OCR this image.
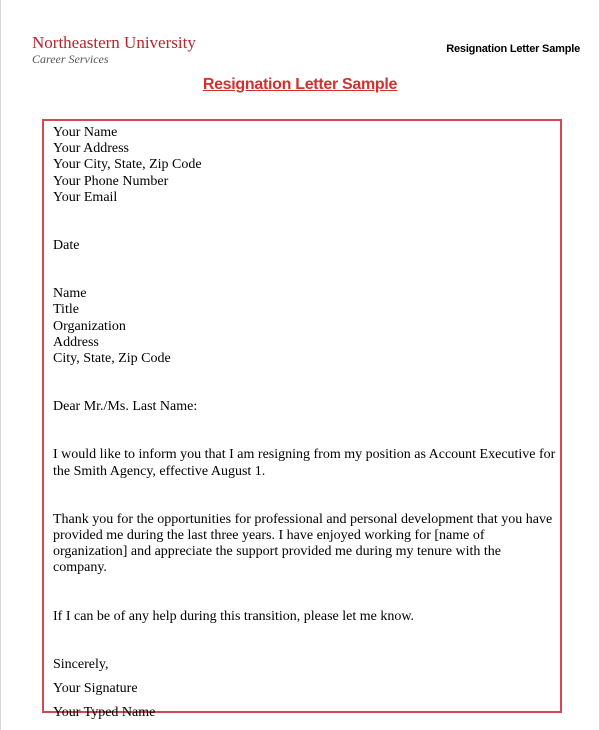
Northeastern University
Career Services
Resignation Letter Sample
Resignation Letter Sample
Your Name
Your Address
Your City, State, Zip Code
Your Phone Number
Your Email
Date
Name
Title
Organization
Address
City, State, Zip Code
Dear Mr./Ms. Last Name:
I would like to inform you that I am resigning from my position as Account Executive for the Smith Agency, effective August 1.
Thank you for the opportunities for professional and personal development that you have provided me during the last three years. I have enjoyed working for [name of organization] and appreciate the support provided me during my tenure with the company.
If I can be of any help during this transition, please let me know.
Sincerely,
Your Signature
Your Typed Name
